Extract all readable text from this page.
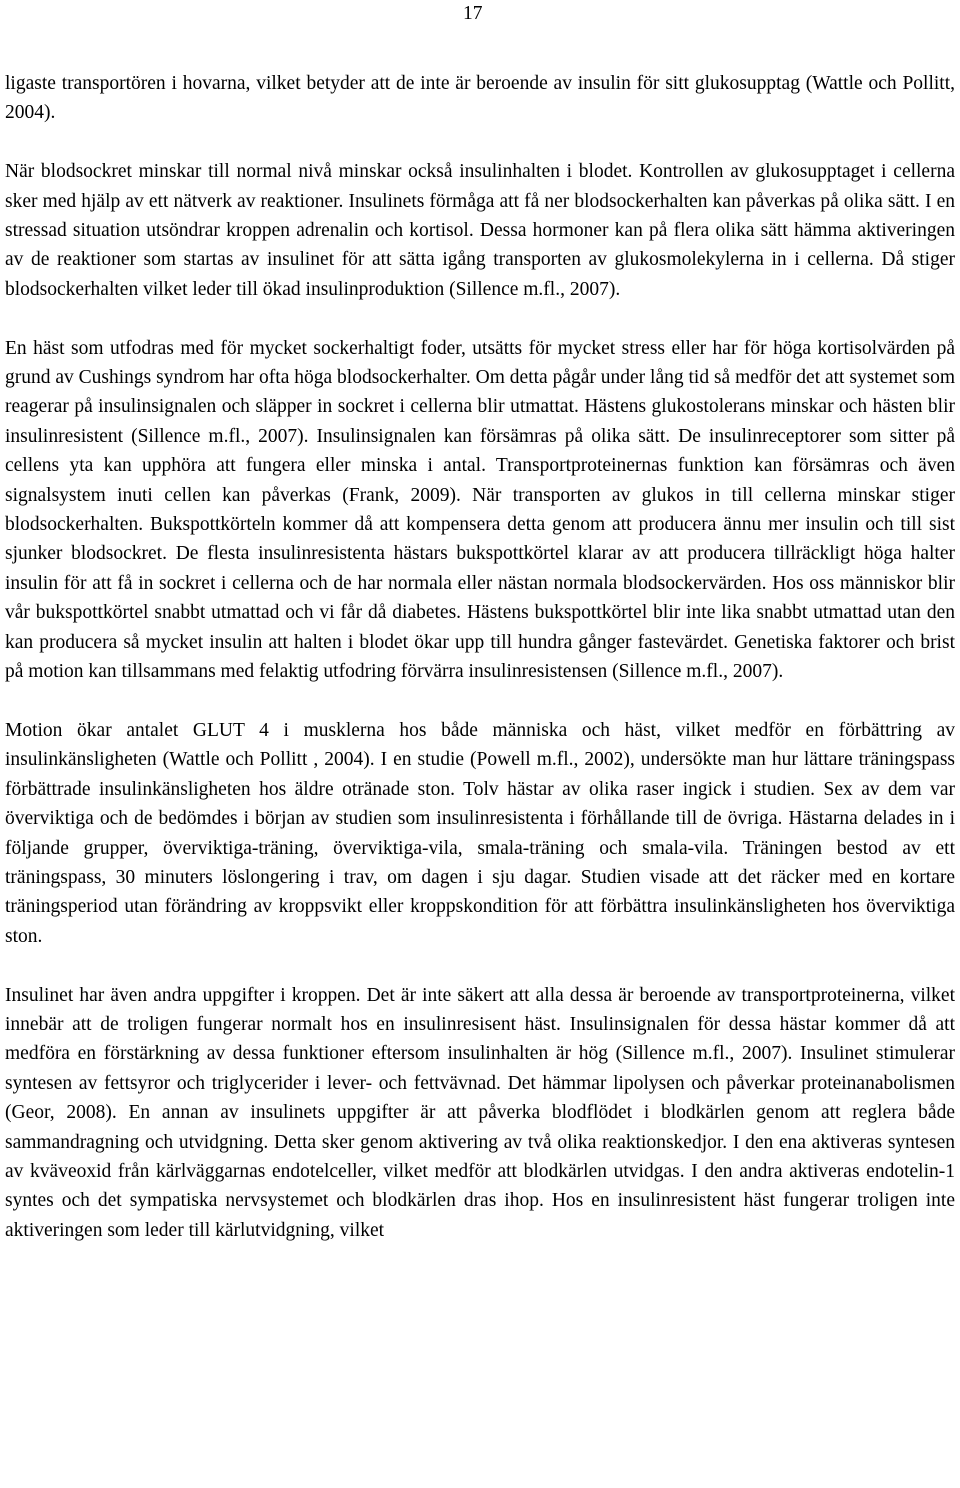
17

ligaste transportören i hovarna, vilket betyder att de inte är beroende av insulin för sitt glukosupptag (Wattle och Pollitt, 2004).

När blodsockret minskar till normal nivå minskar också insulinhalten i blodet. Kontrollen av glukosupptaget i cellerna sker med hjälp av ett nätverk av reaktioner. Insulinets förmåga att få ner blodsockerhalten kan påverkas på olika sätt. I en stressad situation utsöndrar kroppen adrenalin och kortisol. Dessa hormoner kan på flera olika sätt hämma aktiveringen av de reaktioner som startas av insulinet för att sätta igång transporten av glukosmolekylerna in i cellerna. Då stiger blodsockerhalten vilket leder till ökad insulinproduktion (Sillence m.fl., 2007).

En häst som utfodras med för mycket sockerhaltigt foder, utsätts för mycket stress eller har för höga kortisolvärden på grund av Cushings syndrom har ofta höga blodsockerhalter. Om detta pågår under lång tid så medför det att systemet som reagerar på insulinsignalen och släpper in sockret i cellerna blir utmattat. Hästens glukostolerans minskar och hästen blir insulinresistent (Sillence m.fl., 2007). Insulinsignalen kan försämras på olika sätt. De insulinreceptorer som sitter på cellens yta kan upphöra att fungera eller minska i antal. Transportproteinernas funktion kan försämras och även signalsystem inuti cellen kan påverkas (Frank, 2009). När transporten av glukos in till cellerna minskar stiger blodsockerhalten. Bukspottkörteln kommer då att kompensera detta genom att producera ännu mer insulin och till sist sjunker blodsockret. De flesta insulinresistenta hästars bukspottkörtel klarar av att producera tillräckligt höga halter insulin för att få in sockret i cellerna och de har normala eller nästan normala blodsockervärden. Hos oss människor blir vår bukspottkörtel snabbt utmattad och vi får då diabetes. Hästens bukspottkörtel blir inte lika snabbt utmattad utan den kan producera så mycket insulin att halten i blodet ökar upp till hundra gånger fastevärdet. Genetiska faktorer och brist på motion kan tillsammans med felaktig utfodring förvärra insulinresistensen (Sillence m.fl., 2007).

Motion ökar antalet GLUT 4 i musklerna hos både människa och häst, vilket medför en förbättring av insulinkänsligheten (Wattle och Pollitt , 2004). I en studie (Powell m.fl., 2002), undersökte man hur lättare träningspass förbättrade insulinkänsligheten hos äldre otränade ston. Tolv hästar av olika raser ingick i studien. Sex av dem var överviktiga och de bedömdes i början av studien som insulinresistenta i förhållande till de övriga. Hästarna delades in i följande grupper, överviktiga-träning, överviktiga-vila, smala-träning och smala-vila. Träningen bestod av ett träningspass, 30 minuters löslongering i trav, om dagen i sju dagar. Studien visade att det räcker med en kortare träningsperiod utan förändring av kroppsvikt eller kroppskondition för att förbättra insulinkänsligheten hos överviktiga ston.

Insulinet har även andra uppgifter i kroppen. Det är inte säkert att alla dessa är beroende av transportproteinerna, vilket innebär att de troligen fungerar normalt hos en insulinresisent häst. Insulinsignalen för dessa hästar kommer då att medföra en förstärkning av dessa funktioner eftersom insulinhalten är hög (Sillence m.fl., 2007). Insulinet stimulerar syntesen av fettsyror och triglycerider i lever- och fettvävnad. Det hämmar lipolysen och påverkar proteinanabolismen (Geor, 2008). En annan av insulinets uppgifter är att påverka blodflödet i blodkärlen genom att reglera både sammandragning och utvidgning. Detta sker genom aktivering av två olika reaktionskedjor. I den ena aktiveras syntesen av kväveoxid från kärlväggarnas endotelceller, vilket medför att blodkärlen utvidgas. I den andra aktiveras endotelin-1 syntes och det sympatiska nervsystemet och blodkärlen dras ihop. Hos en insulinresistent häst fungerar troligen inte aktiveringen som leder till kärlutvidgning, vilket
